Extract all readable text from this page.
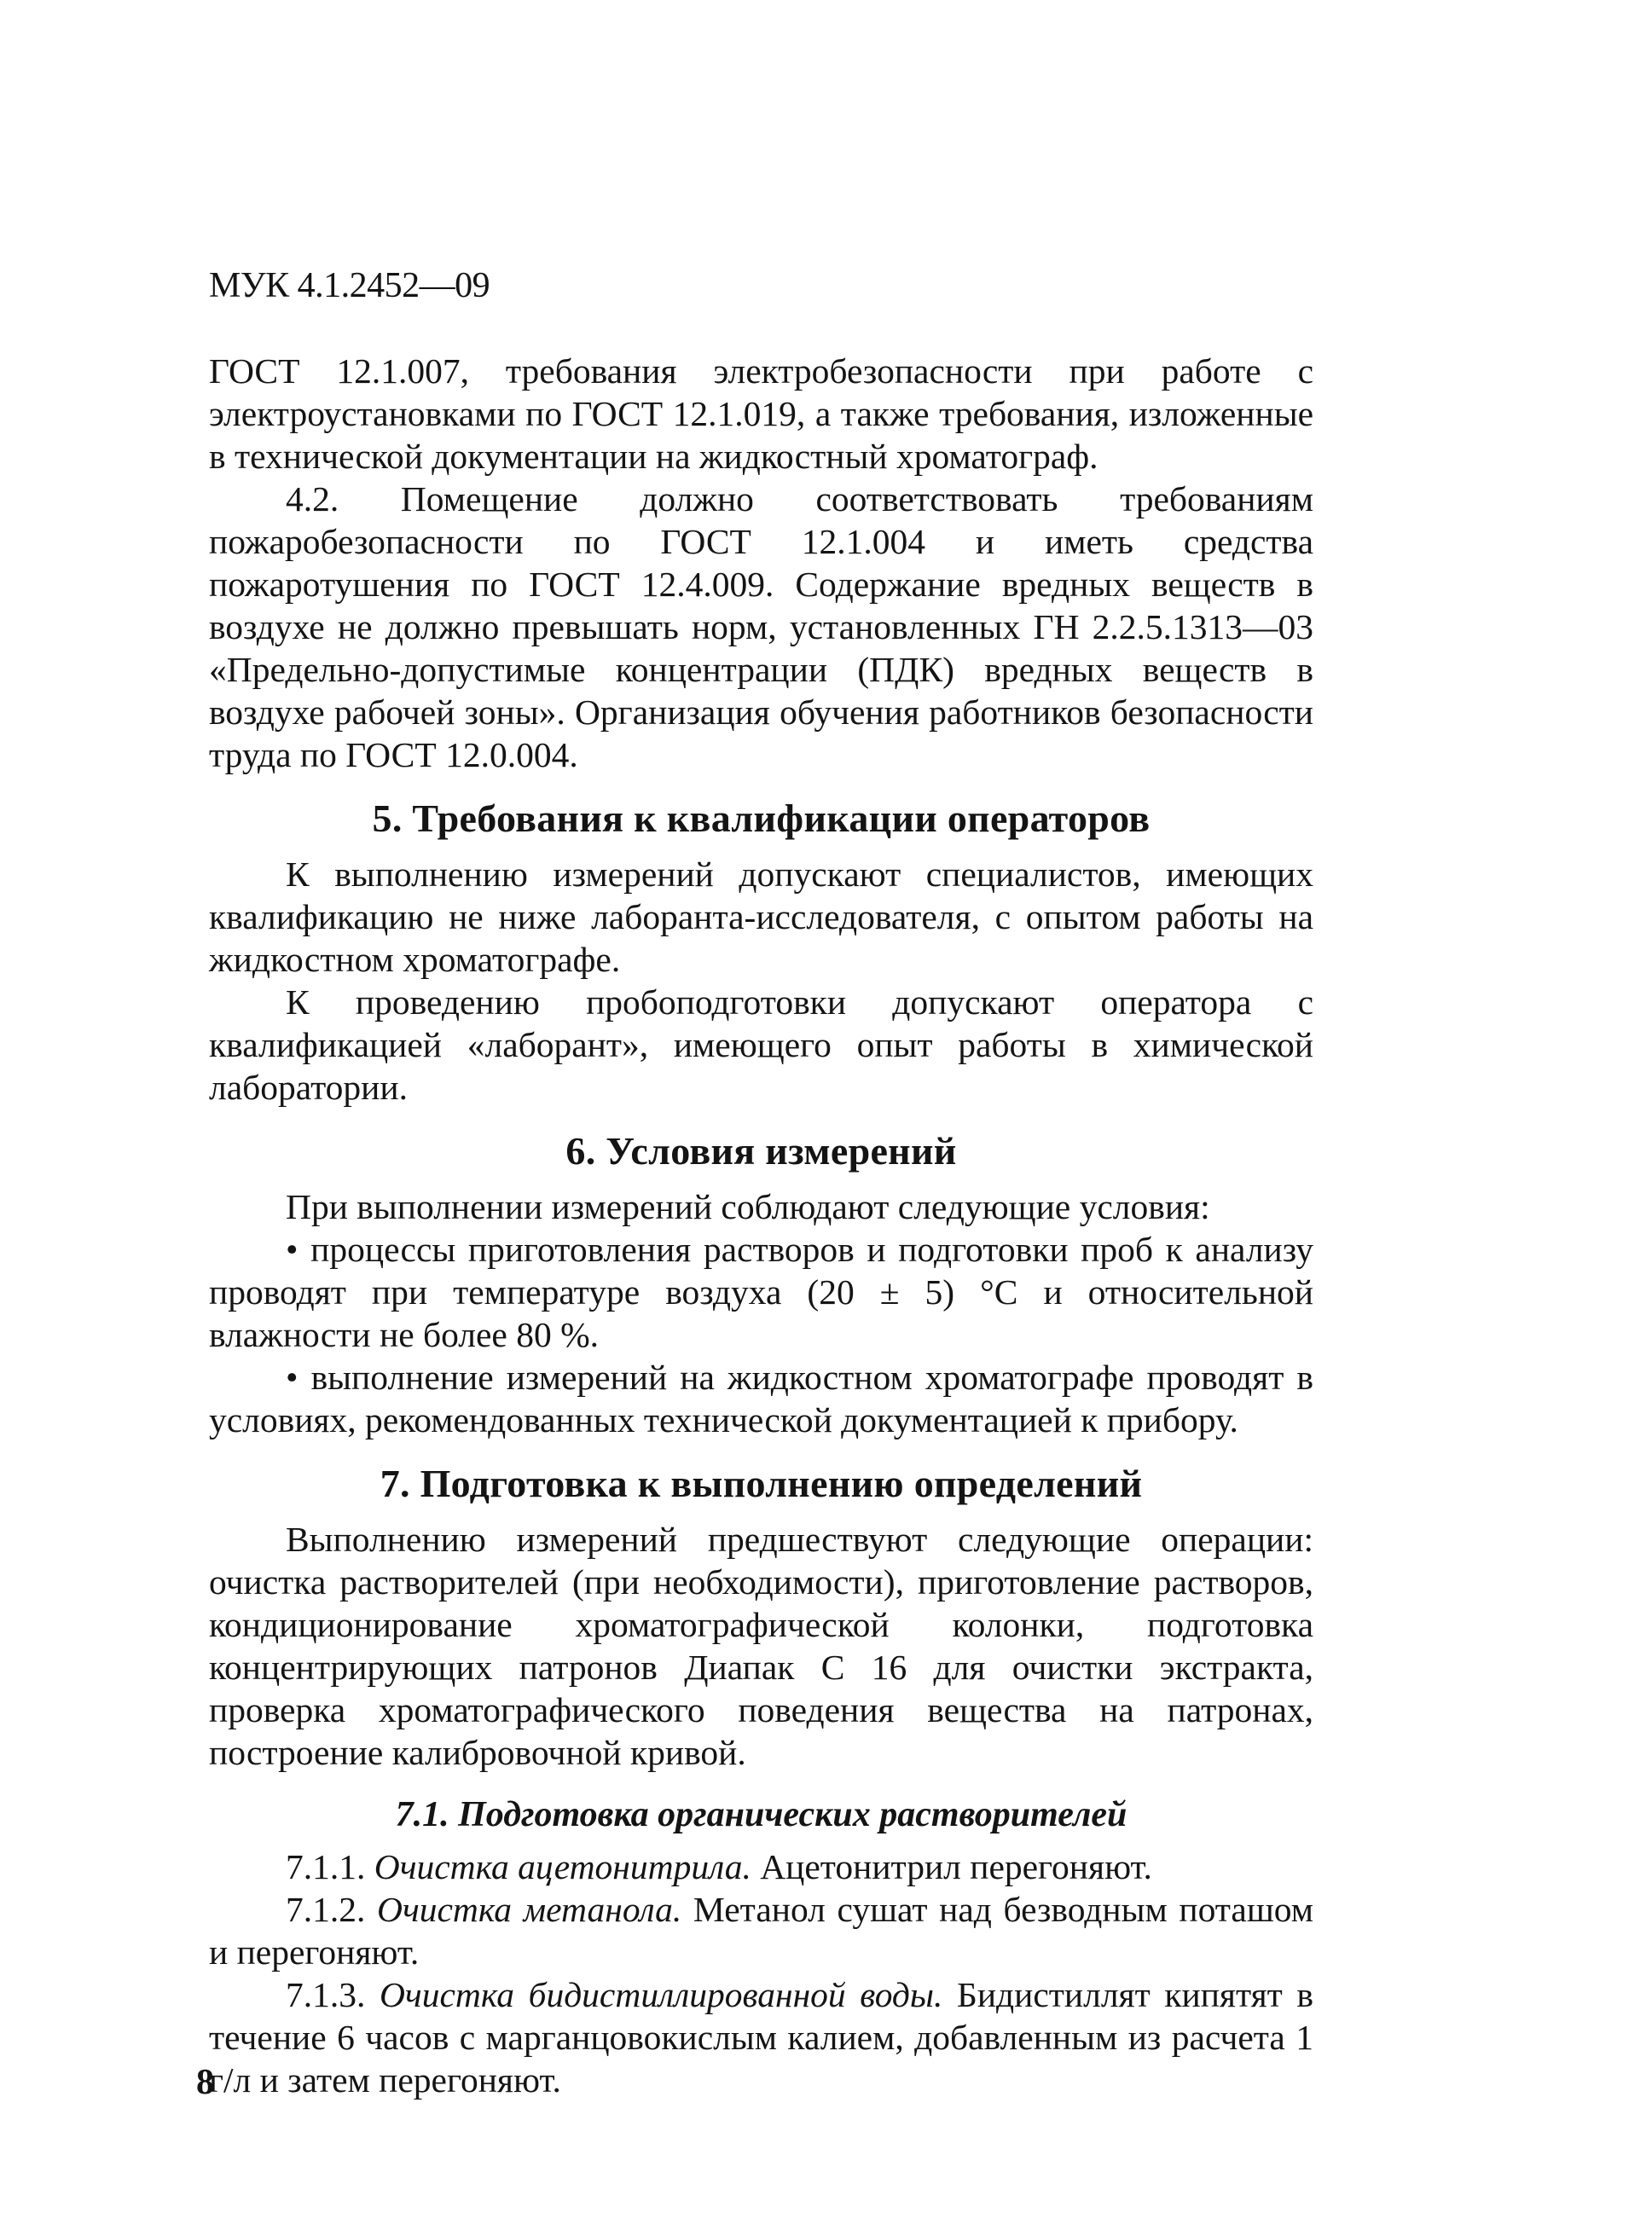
МУК 4.1.2452—09

ГОСТ 12.1.007, требования электробезопасности при работе с электроустановками по ГОСТ 12.1.019, а также требования, изложенные в технической документации на жидкостный хроматограф.

4.2. Помещение должно соответствовать требованиям пожаробезопасности по ГОСТ 12.1.004 и иметь средства пожаротушения по ГОСТ 12.4.009. Содержание вредных веществ в воздухе не должно превышать норм, установленных ГН 2.2.5.1313—03 «Предельно-допустимые концентрации (ПДК) вредных веществ в воздухе рабочей зоны». Организация обучения работников безопасности труда по ГОСТ 12.0.004.

5. Требования к квалификации операторов

К выполнению измерений допускают специалистов, имеющих квалификацию не ниже лаборанта-исследователя, с опытом работы на жидкостном хроматографе.

К проведению пробоподготовки допускают оператора с квалификацией «лаборант», имеющего опыт работы в химической лаборатории.

6. Условия измерений

При выполнении измерений соблюдают следующие условия:

• процессы приготовления растворов и подготовки проб к анализу проводят при температуре воздуха (20 ± 5) °С и относительной влажности не более 80 %.

• выполнение измерений на жидкостном хроматографе проводят в условиях, рекомендованных технической документацией к прибору.

7. Подготовка к выполнению определений

Выполнению измерений предшествуют следующие операции: очистка растворителей (при необходимости), приготовление растворов, кондиционирование хроматографической колонки, подготовка концентрирующих патронов Диапак С 16 для очистки экстракта, проверка хроматографического поведения вещества на патронах, построение калибровочной кривой.

7.1. Подготовка органических растворителей

7.1.1. Очистка ацетонитрила. Ацетонитрил перегоняют.

7.1.2. Очистка метанола. Метанол сушат над безводным поташом и перегоняют.

7.1.3. Очистка бидистиллированной воды. Бидистиллят кипятят в течение 6 часов с марганцовокислым калием, добавленным из расчета 1 г/л и затем перегоняют.

8
